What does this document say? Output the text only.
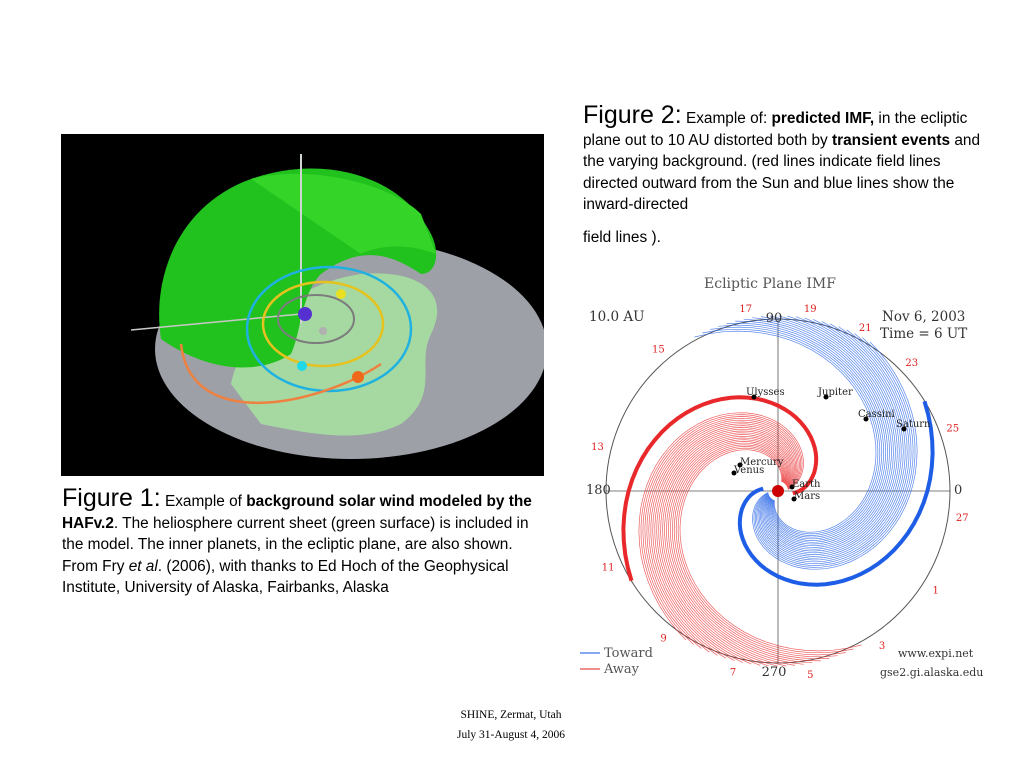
Figure 1: Example of background solar wind modeled by the HAFv.2. The heliosphere current sheet (green surface) is included in the model. The inner planets, in the ecliptic plane, are also shown. From Fry et al. (2006), with thanks to Ed Hoch of the Geophysical Institute, University of Alaska, Fairbanks, Alaska
Figure 2: Example of: predicted IMF, in the ecliptic plane out to 10 AU distorted both by transient events and the varying background. (red lines indicate field lines directed outward from the Sun and blue lines show the inward-directed
field lines ).
Ecliptic Plane IMF
10.0 AU	Nov 6, 2003
Time = 6 UT
17	19
21
23
25
27
1
3
5
7
9
11
13
15
Mercury
Venus
Earth
Mars
Ulysses	Jupiter
Cassini
Saturn
90
180	0
270
Toward
Away
www.expi.net
gse2.gi.alaska.edu
SHINE, Zermat, Utah
July 31-August 4, 2006
